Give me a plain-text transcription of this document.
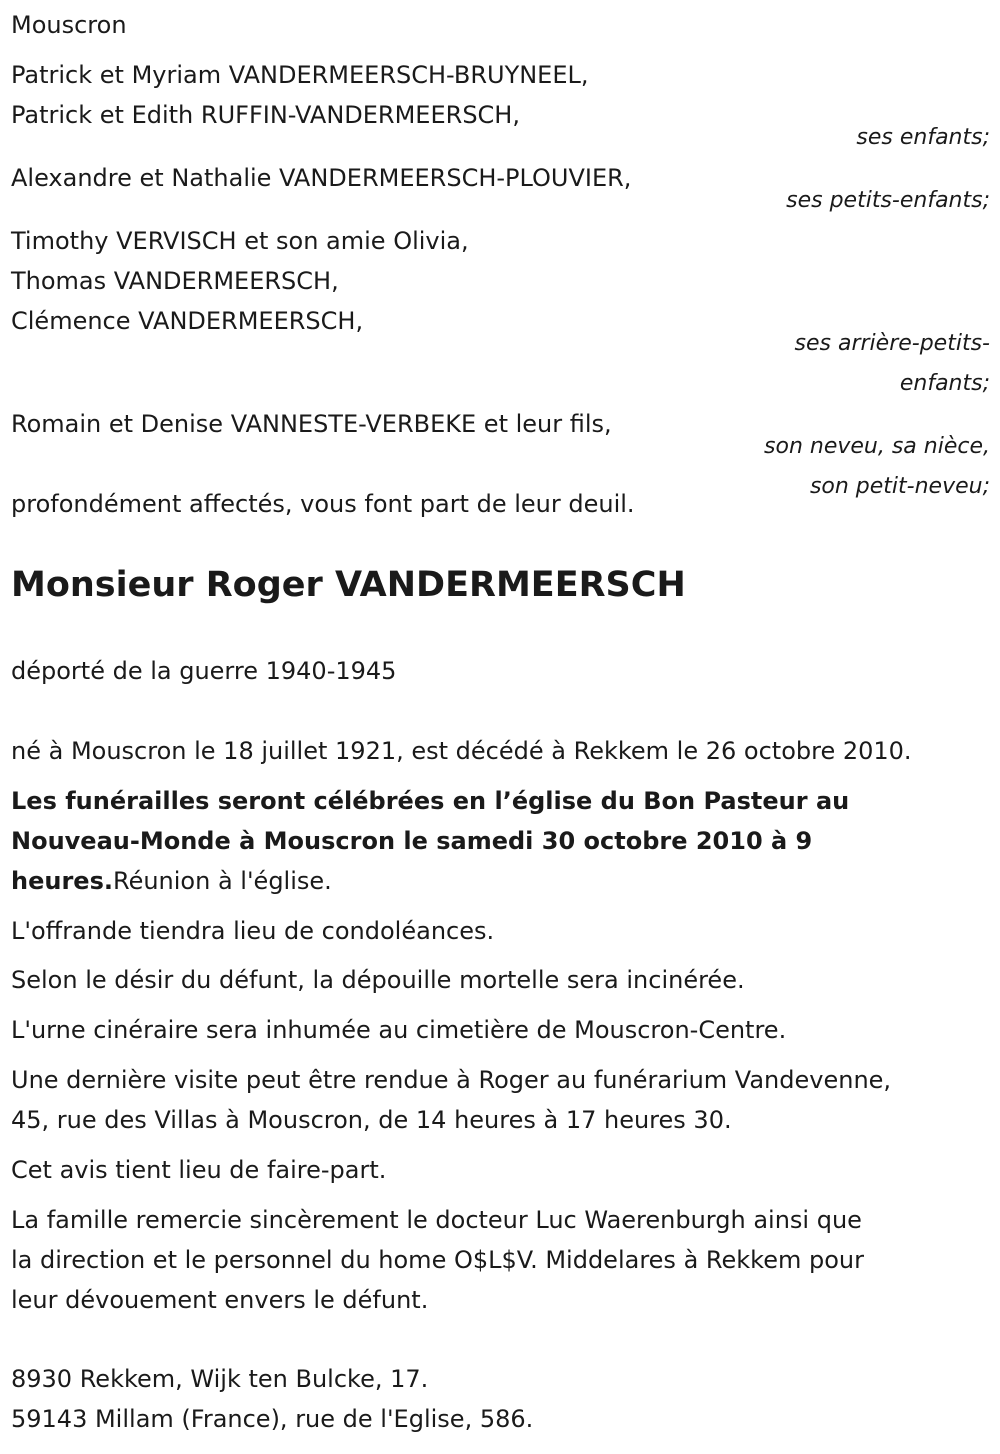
Mouscron
Patrick et Myriam VANDERMEERSCH-BRUYNEEL,
Patrick et Edith RUFFIN-VANDERMEERSCH,
ses enfants;
Alexandre et Nathalie VANDERMEERSCH-PLOUVIER,
ses petits-enfants;
Timothy VERVISCH et son amie Olivia,
Thomas VANDERMEERSCH,
Clémence VANDERMEERSCH,
ses arrière-petits-
enfants;
Romain et Denise VANNESTE-VERBEKE et leur fils,
son neveu, sa nièce,
son petit-neveu;
profondément affectés, vous font part de leur deuil.
Monsieur Roger VANDERMEERSCH
déporté de la guerre 1940-1945
né à Mouscron le 18 juillet 1921, est décédé à Rekkem le 26 octobre 2010.
Les funérailles seront célébrées en l’église du Bon Pasteur au
Nouveau-Monde à Mouscron le samedi 30 octobre 2010 à 9
heures.Réunion à l'église.
L'offrande tiendra lieu de condoléances.
Selon le désir du défunt, la dépouille mortelle sera incinérée.
L'urne cinéraire sera inhumée au cimetière de Mouscron-Centre.
Une dernière visite peut être rendue à Roger au funérarium Vandevenne,
45, rue des Villas à Mouscron, de 14 heures à 17 heures 30.
Cet avis tient lieu de faire-part.
La famille remercie sincèrement le docteur Luc Waerenburgh ainsi que
la direction et le personnel du home O$L$V. Middelares à Rekkem pour
leur dévouement envers le défunt.
8930 Rekkem, Wijk ten Bulcke, 17.
59143 Millam (France), rue de l'Eglise, 586.
